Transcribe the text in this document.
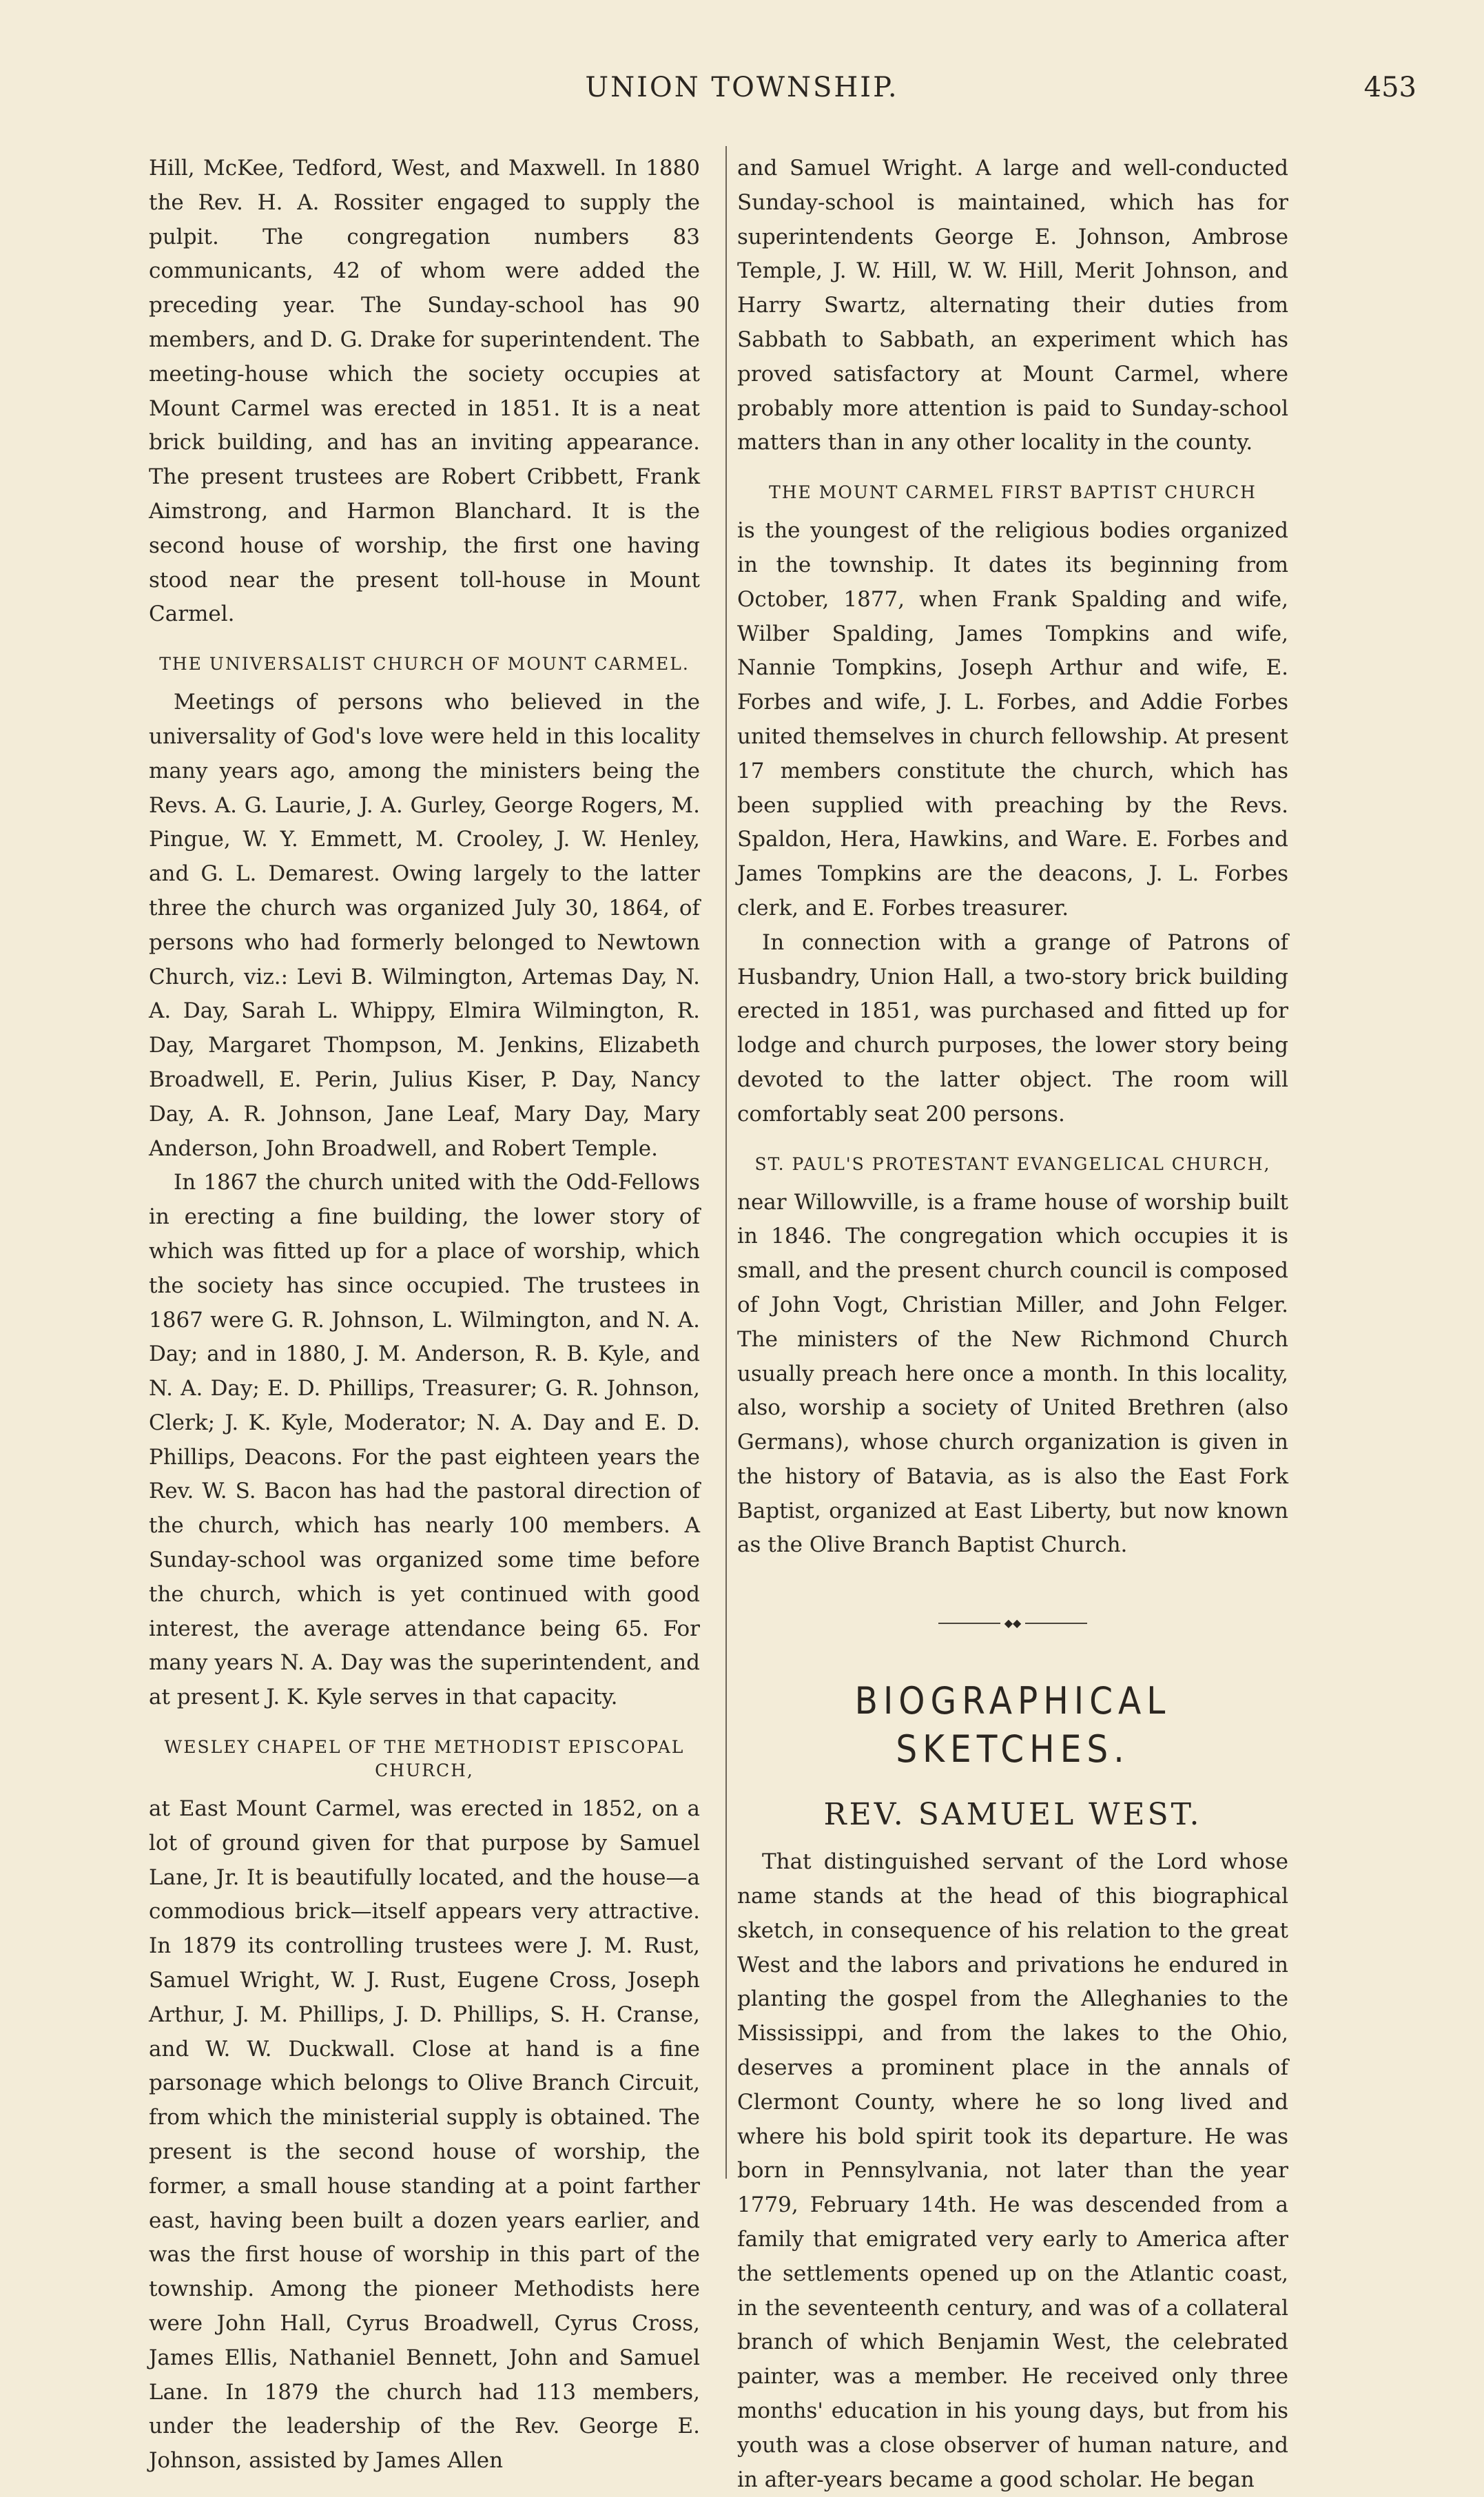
UNION TOWNSHIP.	453

Hill, McKee, Tedford, West, and Maxwell. In 1880 the Rev. H. A. Rossiter engaged to supply the pulpit. The congregation numbers 83 communicants, 42 of whom were added the preceding year. The Sunday-school has 90 members, and D. G. Drake for superintendent. The meeting-house which the society occupies at Mount Carmel was erected in 1851. It is a neat brick building, and has an inviting appearance. The present trustees are Robert Cribbett, Frank Aimstrong, and Harmon Blanchard. It is the second house of worship, the first one having stood near the present toll-house in Mount Carmel.

THE UNIVERSALIST CHURCH OF MOUNT CARMEL.

Meetings of persons who believed in the universality of God's love were held in this locality many years ago, among the ministers being the Revs. A. G. Laurie, J. A. Gurley, George Rogers, M. Pingue, W. Y. Emmett, M. Crooley, J. W. Henley, and G. L. Demarest. Owing largely to the latter three the church was organized July 30, 1864, of persons who had formerly belonged to Newtown Church, viz.: Levi B. Wilmington, Artemas Day, N. A. Day, Sarah L. Whippy, Elmira Wilmington, R. Day, Margaret Thompson, M. Jenkins, Elizabeth Broadwell, E. Perin, Julius Kiser, P. Day, Nancy Day, A. R. Johnson, Jane Leaf, Mary Day, Mary Anderson, John Broadwell, and Robert Temple.

In 1867 the church united with the Odd-Fellows in erecting a fine building, the lower story of which was fitted up for a place of worship, which the society has since occupied. The trustees in 1867 were G. R. Johnson, L. Wilmington, and N. A. Day; and in 1880, J. M. Anderson, R. B. Kyle, and N. A. Day; E. D. Phillips, Treasurer; G. R. Johnson, Clerk; J. K. Kyle, Moderator; N. A. Day and E. D. Phillips, Deacons. For the past eighteen years the Rev. W. S. Bacon has had the pastoral direction of the church, which has nearly 100 members. A Sunday-school was organized some time before the church, which is yet continued with good interest, the average attendance being 65. For many years N. A. Day was the superintendent, and at present J. K. Kyle serves in that capacity.

WESLEY CHAPEL OF THE METHODIST EPISCOPAL CHURCH,

at East Mount Carmel, was erected in 1852, on a lot of ground given for that purpose by Samuel Lane, Jr. It is beautifully located, and the house—a commodious brick—itself appears very attractive. In 1879 its controlling trustees were J. M. Rust, Samuel Wright, W. J. Rust, Eugene Cross, Joseph Arthur, J. M. Phillips, J. D. Phillips, S. H. Cranse, and W. W. Duckwall. Close at hand is a fine parsonage which belongs to Olive Branch Circuit, from which the ministerial supply is obtained. The present is the second house of worship, the former, a small house standing at a point farther east, having been built a dozen years earlier, and was the first house of worship in this part of the township. Among the pioneer Methodists here were John Hall, Cyrus Broadwell, Cyrus Cross, James Ellis, Nathaniel Bennett, John and Samuel Lane. In 1879 the church had 113 members, under the leadership of the Rev. George E. Johnson, assisted by James Allen

and Samuel Wright. A large and well-conducted Sunday-school is maintained, which has for superintendents George E. Johnson, Ambrose Temple, J. W. Hill, W. W. Hill, Merit Johnson, and Harry Swartz, alternating their duties from Sabbath to Sabbath, an experiment which has proved satisfactory at Mount Carmel, where probably more attention is paid to Sunday-school matters than in any other locality in the county.

THE MOUNT CARMEL FIRST BAPTIST CHURCH

is the youngest of the religious bodies organized in the township. It dates its beginning from October, 1877, when Frank Spalding and wife, Wilber Spalding, James Tompkins and wife, Nannie Tompkins, Joseph Arthur and wife, E. Forbes and wife, J. L. Forbes, and Addie Forbes united themselves in church fellowship. At present 17 members constitute the church, which has been supplied with preaching by the Revs. Spaldon, Hera, Hawkins, and Ware. E. Forbes and James Tompkins are the deacons, J. L. Forbes clerk, and E. Forbes treasurer.

In connection with a grange of Patrons of Husbandry, Union Hall, a two-story brick building erected in 1851, was purchased and fitted up for lodge and church purposes, the lower story being devoted to the latter object. The room will comfortably seat 200 persons.

ST. PAUL'S PROTESTANT EVANGELICAL CHURCH,

near Willowville, is a frame house of worship built in 1846. The congregation which occupies it is small, and the present church council is composed of John Vogt, Christian Miller, and John Felger. The ministers of the New Richmond Church usually preach here once a month. In this locality, also, worship a society of United Brethren (also Germans), whose church organization is given in the history of Batavia, as is also the East Fork Baptist, organized at East Liberty, but now known as the Olive Branch Baptist Church.

◆◆
BIOGRAPHICAL SKETCHES.
REV. SAMUEL WEST.

That distinguished servant of the Lord whose name stands at the head of this biographical sketch, in consequence of his relation to the great West and the labors and privations he endured in planting the gospel from the Alleghanies to the Mississippi, and from the lakes to the Ohio, deserves a prominent place in the annals of Clermont County, where he so long lived and where his bold spirit took its departure. He was born in Pennsylvania, not later than the year 1779, February 14th. He was descended from a family that emigrated very early to America after the settlements opened up on the Atlantic coast, in the seventeenth century, and was of a collateral branch of which Benjamin West, the celebrated painter, was a member. He received only three months' education in his young days, but from his youth was a close observer of human nature, and in after-years became a good scholar. He began
